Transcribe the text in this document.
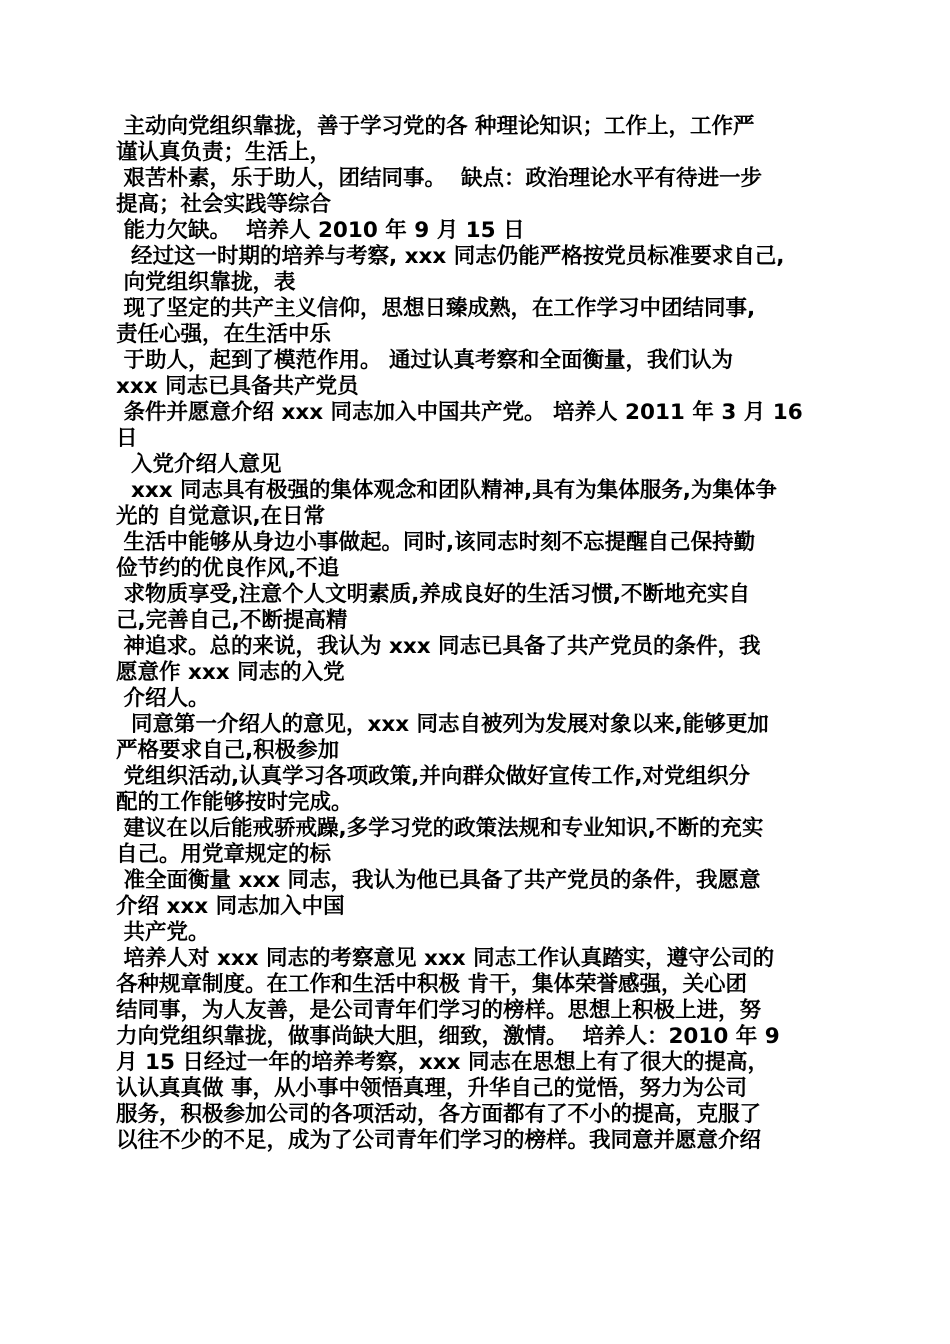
主动向党组织靠拢，善于学习党的各 种理论知识；工作上，工作严
谨认真负责；生活上，
艰苦朴素，乐于助人，团结同事。  缺点：政治理论水平有待进一步
提高；社会实践等综合
能力欠缺。  培养人 2010 年 9 月 15 日
经过这一时期的培养与考察, xxx 同志仍能严格按党员标准要求自己,
向党组织靠拢，表
现了坚定的共产主义信仰，思想日臻成熟，在工作学习中团结同事,
责任心强，在生活中乐
于助人，起到了模范作用。 通过认真考察和全面衡量，我们认为
xxx 同志已具备共产党员
条件并愿意介绍 xxx 同志加入中国共产党。 培养人 2011 年 3 月 16
日
入党介绍人意见
xxx 同志具有极强的集体观念和团队精神,具有为集体服务,为集体争
光的 自觉意识,在日常
生活中能够从身边小事做起。同时,该同志时刻不忘提醒自己保持勤
俭节约的优良作风,不追
求物质享受,注意个人文明素质,养成良好的生活习惯,不断地充实自
己,完善自己,不断提高精
神追求。总的来说，我认为 xxx 同志已具备了共产党员的条件，我
愿意作 xxx 同志的入党
介绍人。
同意第一介绍人的意见，xxx 同志自被列为发展对象以来,能够更加
严格要求自己,积极参加
党组织活动,认真学习各项政策,并向群众做好宣传工作,对党组织分
配的工作能够按时完成。
建议在以后能戒骄戒躁,多学习党的政策法规和专业知识,不断的充实
自己。用党章规定的标
准全面衡量 xxx 同志，我认为他已具备了共产党员的条件，我愿意
介绍 xxx 同志加入中国
共产党。
培养人对 xxx 同志的考察意见 xxx 同志工作认真踏实，遵守公司的
各种规章制度。在工作和生活中积极 肯干，集体荣誉感强，关心团
结同事，为人友善，是公司青年们学习的榜样。思想上积极上进，努
力向党组织靠拢，做事尚缺大胆，细致，激情。  培养人：2010 年 9
月 15 日经过一年的培养考察，xxx 同志在思想上有了很大的提高，
认认真真做 事，从小事中领悟真理，升华自己的觉悟，努力为公司
服务，积极参加公司的各项活动，各方面都有了不小的提高，克服了
以往不少的不足，成为了公司青年们学习的榜样。我同意并愿意介绍
